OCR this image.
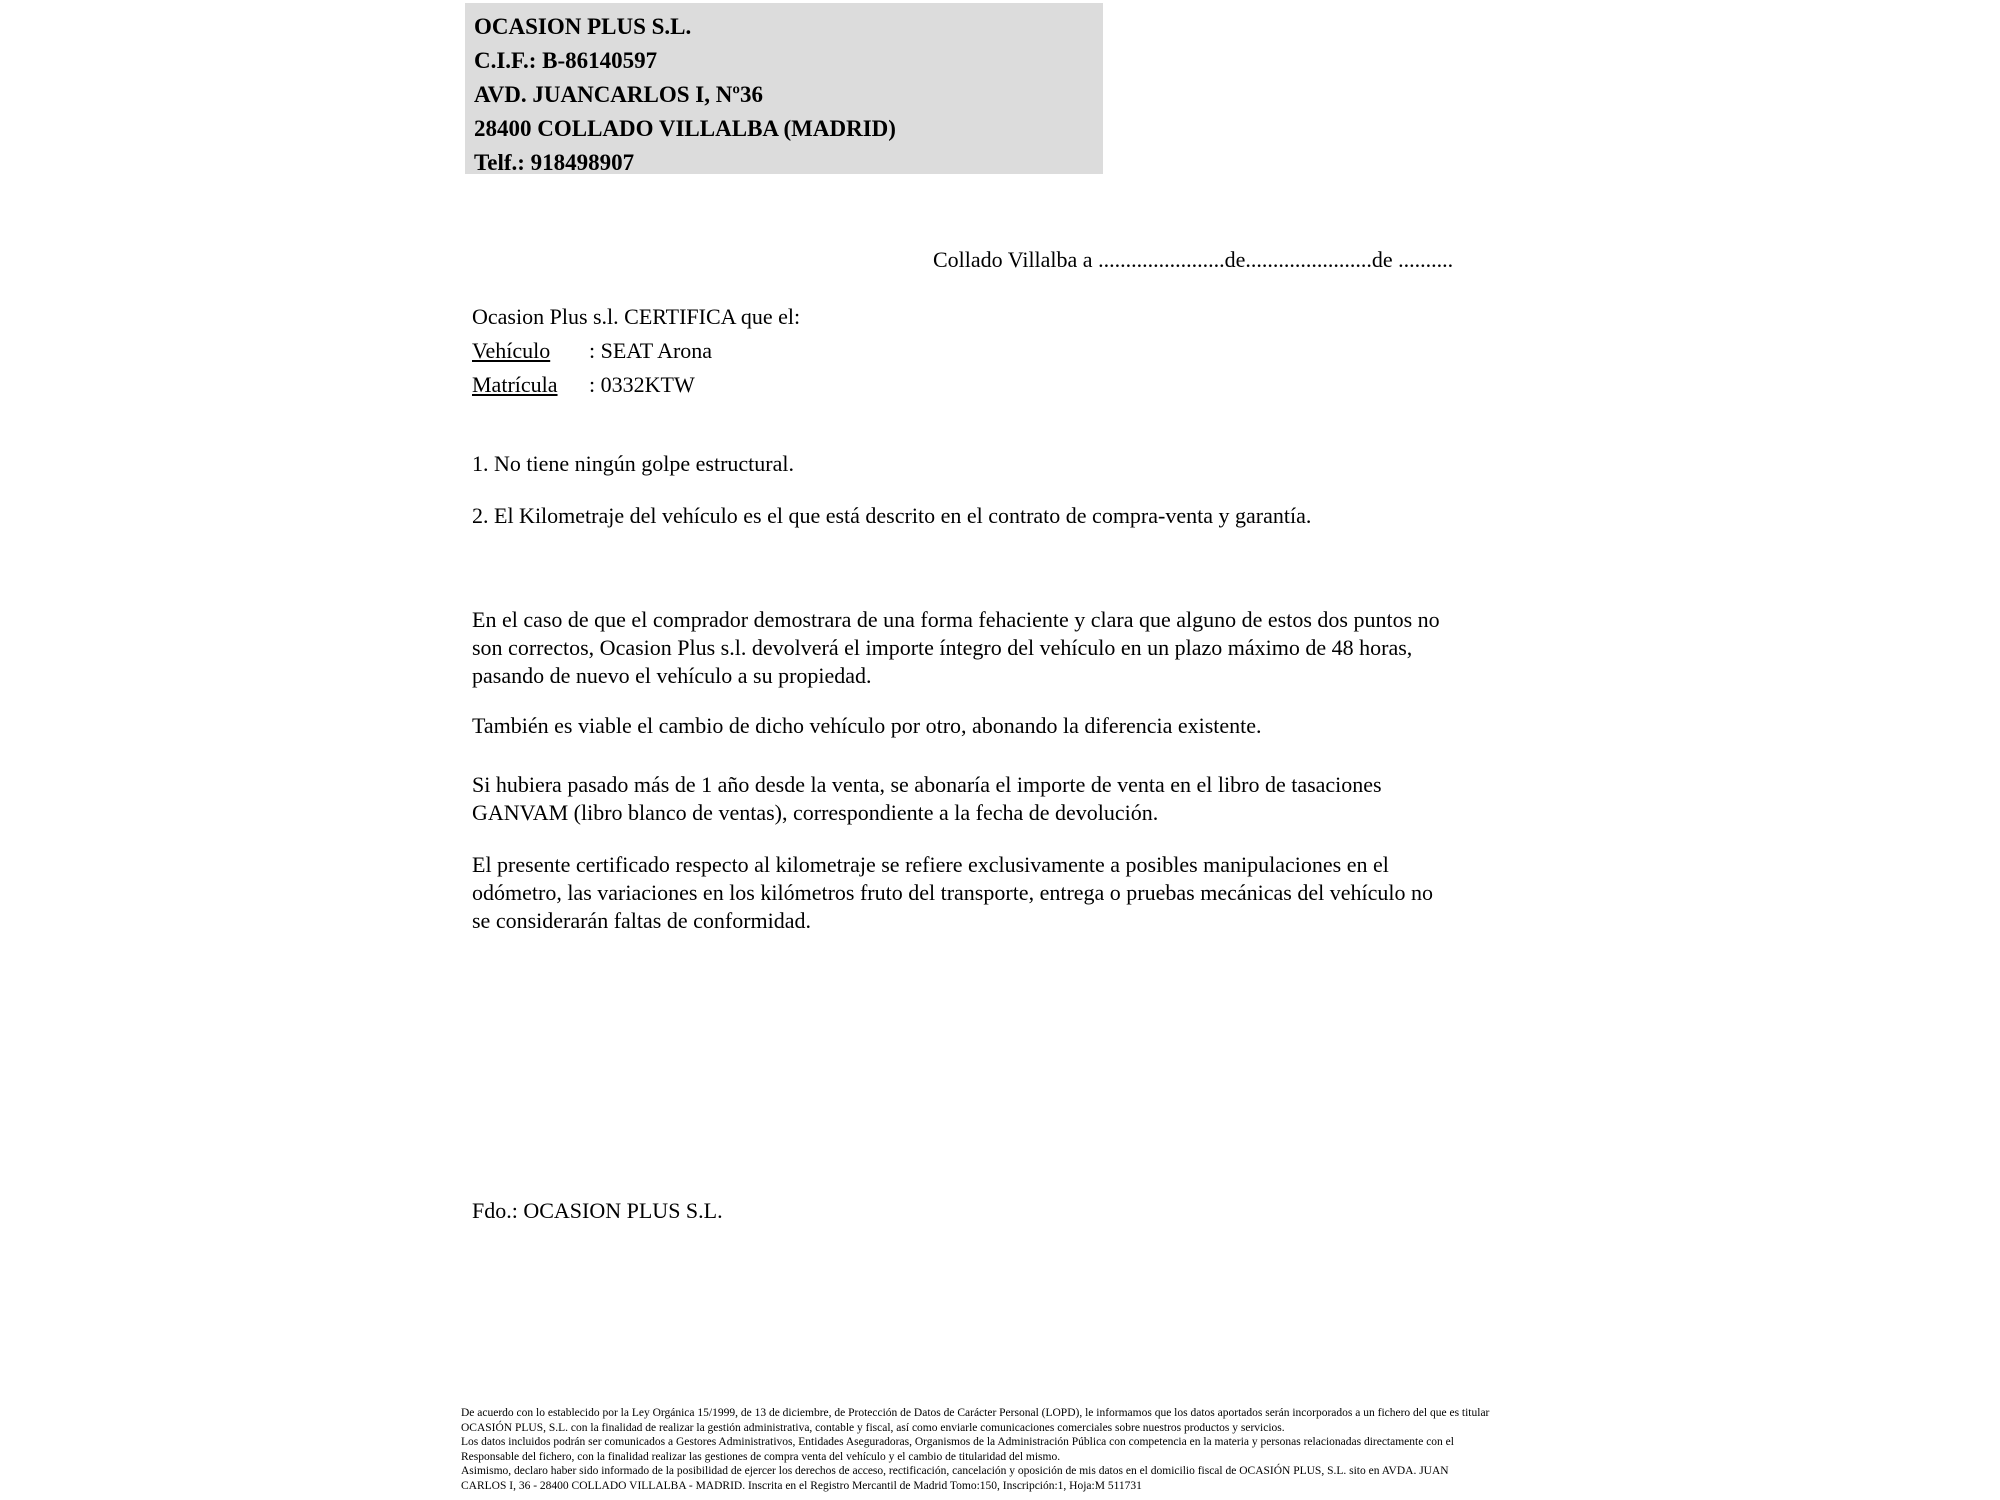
OCASION PLUS S.L.
C.I.F.: B-86140597
AVD. JUANCARLOS I, Nº36
28400 COLLADO VILLALBA (MADRID)
Telf.: 918498907
Collado Villalba a .......................de.......................de ..........
Ocasion Plus s.l. CERTIFICA que el:
Vehículo : SEAT Arona
Matrícula : 0332KTW
1. No tiene ningún golpe estructural.
2. El Kilometraje del vehículo es el que está descrito en el contrato de compra-venta y garantía.
En el caso de que el comprador demostrara de una forma fehaciente y clara que alguno de estos dos puntos no
son correctos, Ocasion Plus s.l. devolverá el importe íntegro del vehículo en un plazo máximo de 48 horas,
pasando de nuevo el vehículo a su propiedad.
También es viable el cambio de dicho vehículo por otro, abonando la diferencia existente.
Si hubiera pasado más de 1 año desde la venta, se abonaría el importe de venta en el libro de tasaciones
GANVAM (libro blanco de ventas), correspondiente a la fecha de devolución.
El presente certificado respecto al kilometraje se refiere exclusivamente a posibles manipulaciones en el
odómetro, las variaciones en los kilómetros fruto del transporte, entrega o pruebas mecánicas del vehículo no
se considerarán faltas de conformidad.
Fdo.: OCASION PLUS S.L.
De acuerdo con lo establecido por la Ley Orgánica 15/1999, de 13 de diciembre, de Protección de Datos de Carácter Personal (LOPD), le informamos que los datos aportados serán incorporados a un fichero del que es titular
OCASIÓN PLUS, S.L. con la finalidad de realizar la gestión administrativa, contable y fiscal, así como enviarle comunicaciones comerciales sobre nuestros productos y servicios.
Los datos incluidos podrán ser comunicados a Gestores Administrativos, Entidades Aseguradoras, Organismos de la Administración Pública con competencia en la materia y personas relacionadas directamente con el
Responsable del fichero, con la finalidad realizar las gestiones de compra venta del vehículo y el cambio de titularidad del mismo.
Asimismo, declaro haber sido informado de la posibilidad de ejercer los derechos de acceso, rectificación, cancelación y oposición de mis datos en el domicilio fiscal de OCASIÓN PLUS, S.L. sito en AVDA. JUAN
CARLOS I, 36 - 28400 COLLADO VILLALBA - MADRID. Inscrita en el Registro Mercantil de Madrid Tomo:150, Inscripción:1, Hoja:M 511731
